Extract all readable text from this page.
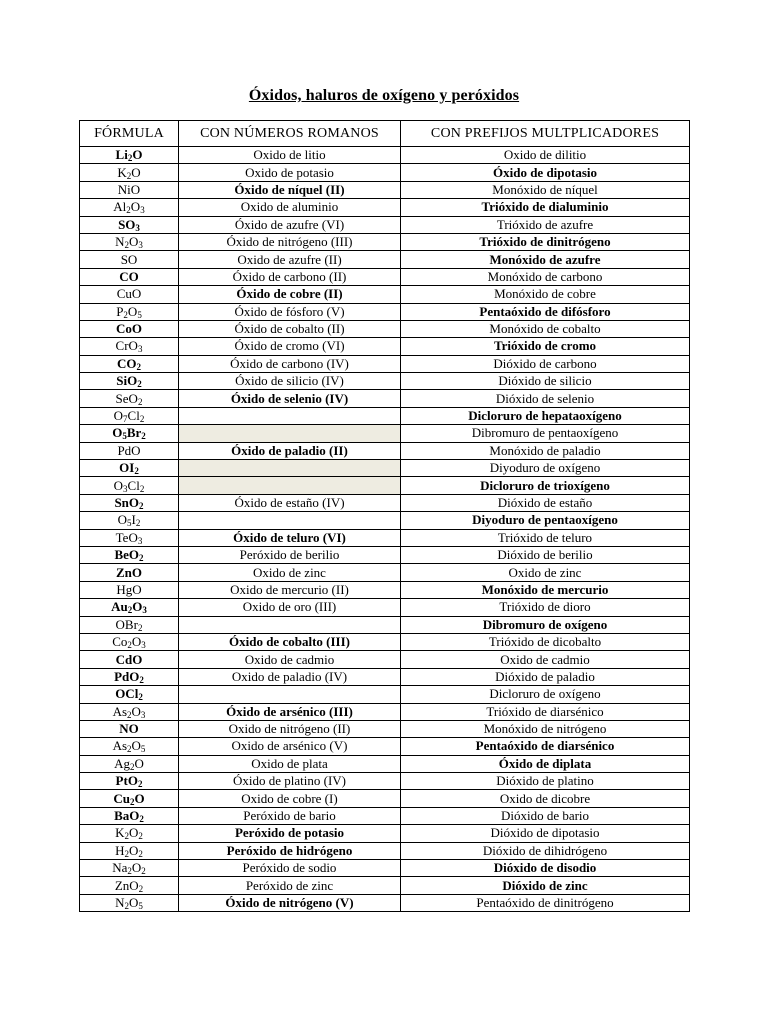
Óxidos, haluros de oxígeno y peróxidos
FÓRMULA	CON NÚMEROS ROMANOS	CON PREFIJOS MULTPLICADORES
$Li_2O$	Oxido de litio	Oxido de dilitio
$K_2O$	Oxido de potasio	Óxido de dipotasio
NiO	Óxido de níquel (II)	Monóxido de níquel
$Al_2O_3$	Oxido de aluminio	Trióxido de dialuminio
$SO_3$	Óxido de azufre (VI)	Trióxido de azufre
$N_2O_3$	Óxido de nitrógeno (III)	Trióxido de dinitrógeno
SO	Oxido de azufre (II)	Monóxido de azufre
CO	Óxido de carbono (II)	Monóxido de carbono
CuO	Óxido de cobre (II)	Monóxido de cobre
$P_2O_5$	Óxido de fósforo (V)	Pentaóxido de difósforo
CoO	Óxido de cobalto (II)	Monóxido de cobalto
CrO$_3$	Óxido de cromo (VI)	Trióxido de cromo
$CO_2$	Óxido de carbono (IV)	Dióxido de carbono
SiO$_2$	Óxido de silicio (IV)	Dióxido de silicio
SeO$_2$	Óxido de selenio (IV)	Dióxido de selenio
$O_7Cl_2$		Dicloruro de hepataoxígeno
$O_5Br_2$		Dibromuro de pentaoxígeno
PdO	Óxido de paladio (II)	Monóxido de paladio
$OI_2$		Diyoduro de oxígeno
$O_3Cl_2$		Dicloruro de trioxígeno
SnO$_2$	Óxido de estaño (IV)	Dióxido de estaño
$O_5I_2$		Diyoduro de pentaoxígeno
TeO$_3$	Óxido de teluro (VI)	Trióxido de teluro
BeO$_2$	Peróxido de berilio	Dióxido de berilio
ZnO	Oxido de zinc	Oxido de zinc
HgO	Oxido de mercurio (II)	Monóxido de mercurio
$Au_2O_3$	Oxido de oro (III)	Trióxido de dioro
OBr$_2$		Dibromuro de oxígeno
$Co_2O_3$	Óxido de cobalto (III)	Trióxido de dicobalto
CdO	Oxido de cadmio	Oxido de cadmio
PdO$_2$	Oxido de paladio (IV)	Dióxido de paladio
OCl$_2$		Dicloruro de oxígeno
$As_2O_3$	Óxido de arsénico (III)	Trióxido de diarsénico
NO	Oxido de nitrógeno (II)	Monóxido de nitrógeno
$As_2O_5$	Oxido de arsénico (V)	Pentaóxido de diarsénico
$Ag_2O$	Oxido de plata	Óxido de diplata
PtO$_2$	Óxido de platino (IV)	Dióxido de platino
$Cu_2O$	Oxido de cobre (I)	Oxido de dicobre
BaO$_2$	Peróxido de bario	Dióxido de bario
$K_2O_2$	Peróxido de potasio	Dióxido de dipotasio
$H_2O_2$	Peróxido de hidrógeno	Dióxido de dihidrógeno
$Na_2O_2$	Peróxido de sodio	Dióxido de disodio
ZnO$_2$	Peróxido de zinc	Dióxido de zinc
$N_2O_5$	Óxido de nitrógeno (V)	Pentaóxido de dinitrógeno
